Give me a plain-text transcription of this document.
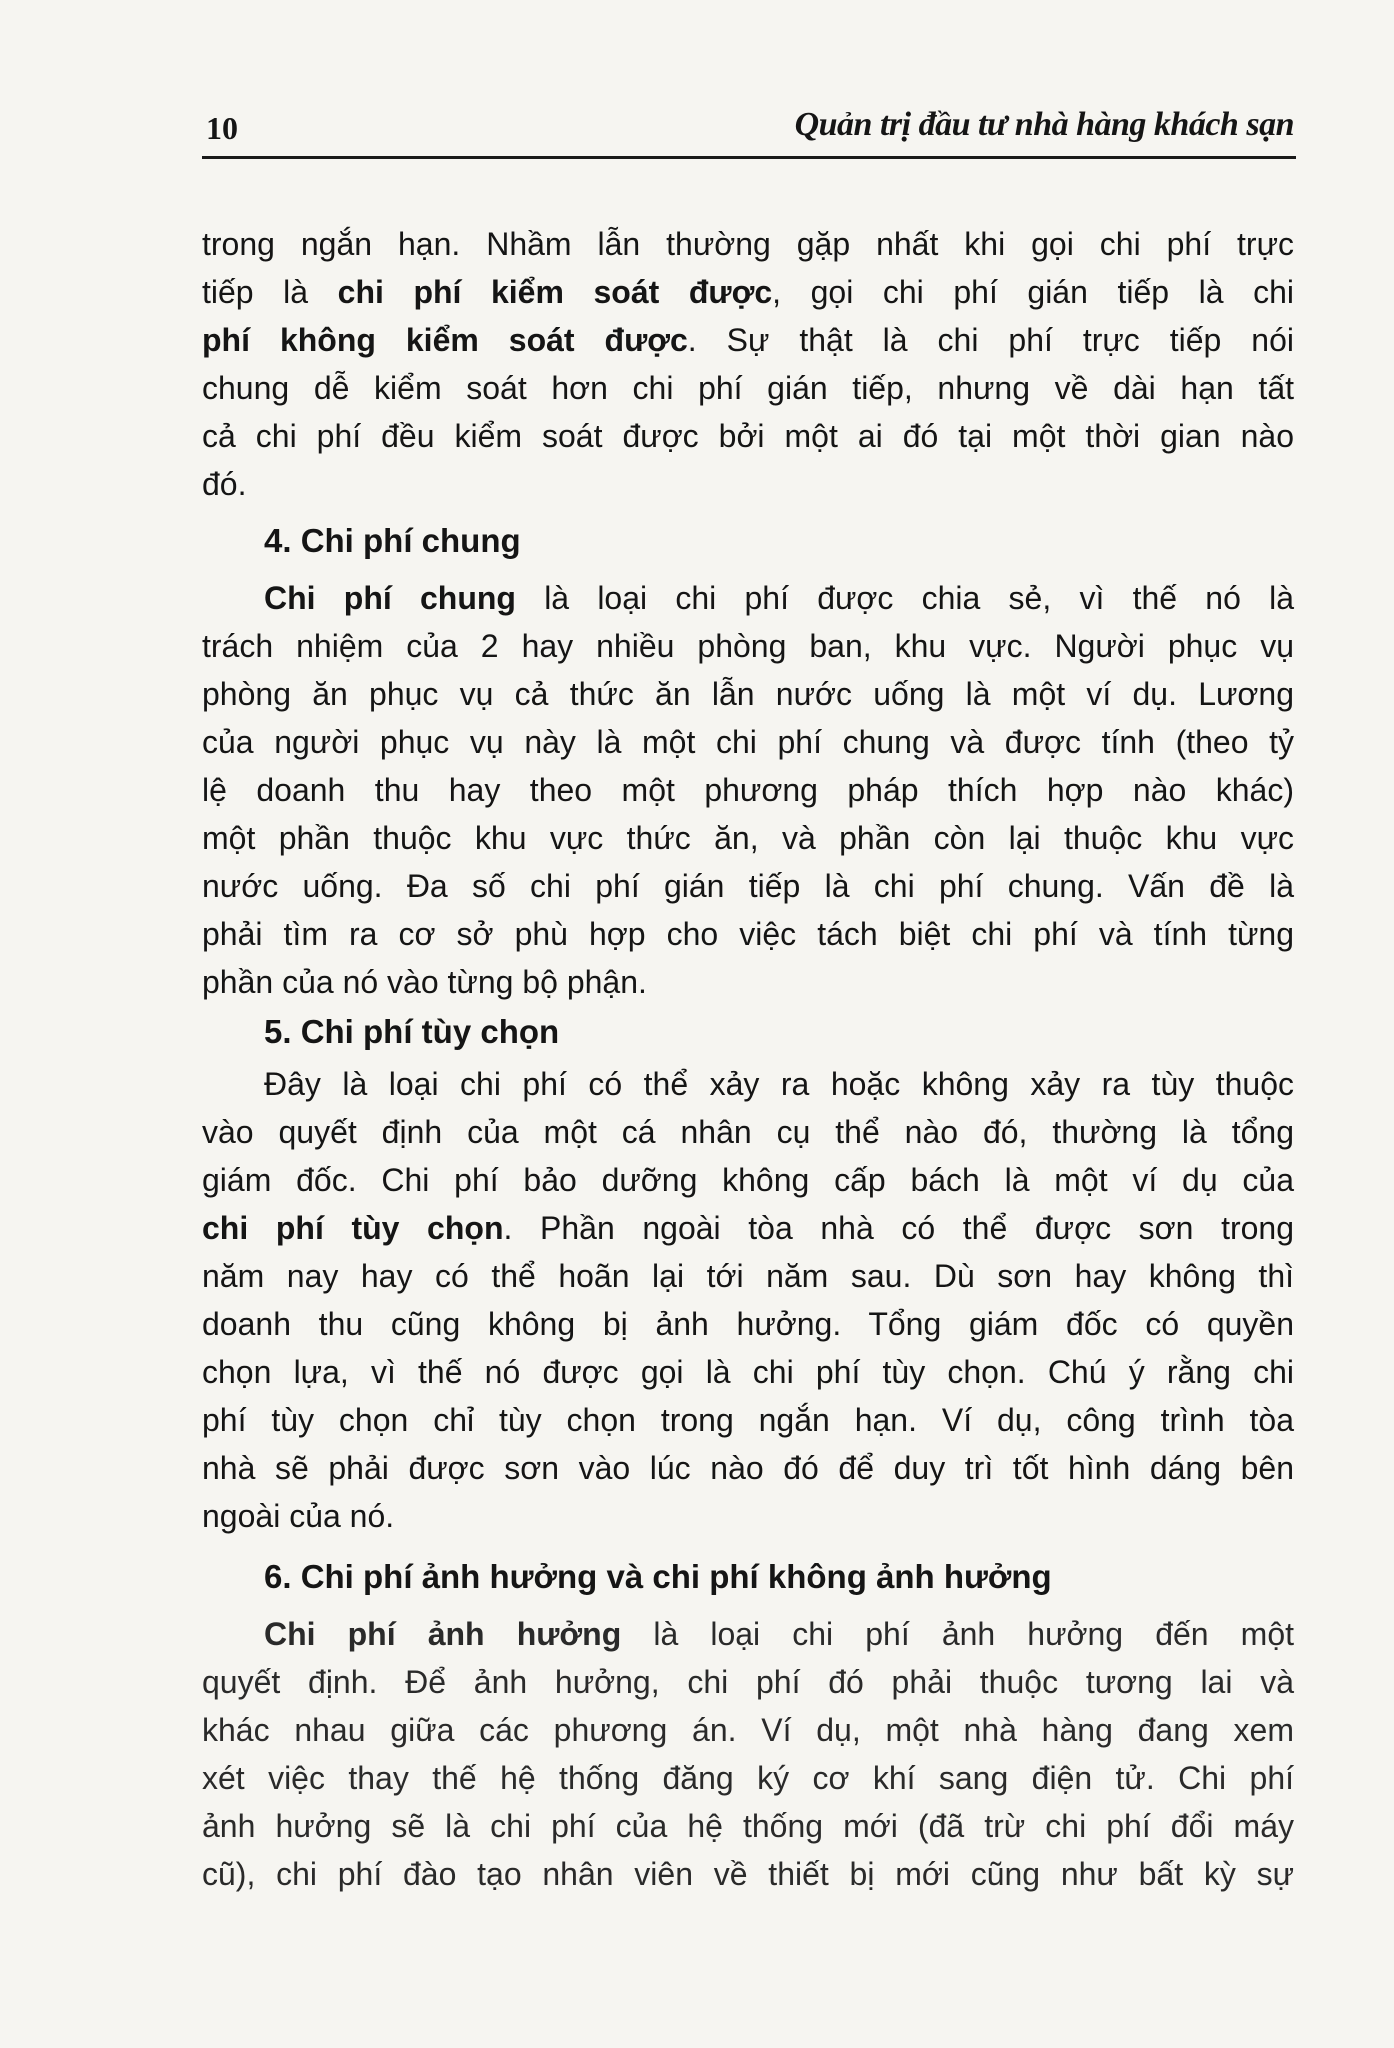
10	Quản trị đầu tư nhà hàng khách sạn
trong ngắn hạn. Nhầm lẫn thường gặp nhất khi gọi chi phí trực
tiếp là chi phí kiểm soát được, gọi chi phí gián tiếp là chi
phí không kiểm soát được. Sự thật là chi phí trực tiếp nói
chung dễ kiểm soát hơn chi phí gián tiếp, nhưng về dài hạn tất
cả chi phí đều kiểm soát được bởi một ai đó tại một thời gian nào
đó.
4. Chi phí chung
Chi phí chung là loại chi phí được chia sẻ, vì thế nó là
trách nhiệm của 2 hay nhiều phòng ban, khu vực. Người phục vụ
phòng ăn phục vụ cả thức ăn lẫn nước uống là một ví dụ. Lương
của người phục vụ này là một chi phí chung và được tính (theo tỷ
lệ doanh thu hay theo một phương pháp thích hợp nào khác)
một phần thuộc khu vực thức ăn, và phần còn lại thuộc khu vực
nước uống. Đa số chi phí gián tiếp là chi phí chung. Vấn đề là
phải tìm ra cơ sở phù hợp cho việc tách biệt chi phí và tính từng
phần của nó vào từng bộ phận.
5. Chi phí tùy chọn
Đây là loại chi phí có thể xảy ra hoặc không xảy ra tùy thuộc
vào quyết định của một cá nhân cụ thể nào đó, thường là tổng
giám đốc. Chi phí bảo dưỡng không cấp bách là một ví dụ của
chi phí tùy chọn. Phần ngoài tòa nhà có thể được sơn trong
năm nay hay có thể hoãn lại tới năm sau. Dù sơn hay không thì
doanh thu cũng không bị ảnh hưởng. Tổng giám đốc có quyền
chọn lựa, vì thế nó được gọi là chi phí tùy chọn. Chú ý rằng chi
phí tùy chọn chỉ tùy chọn trong ngắn hạn. Ví dụ, công trình tòa
nhà sẽ phải được sơn vào lúc nào đó để duy trì tốt hình dáng bên
ngoài của nó.
6. Chi phí ảnh hưởng và chi phí không ảnh hưởng
Chi phí ảnh hưởng là loại chi phí ảnh hưởng đến một
quyết định. Để ảnh hưởng, chi phí đó phải thuộc tương lai và
khác nhau giữa các phương án. Ví dụ, một nhà hàng đang xem
xét việc thay thế hệ thống đăng ký cơ khí sang điện tử. Chi phí
ảnh hưởng sẽ là chi phí của hệ thống mới (đã trừ chi phí đổi máy
cũ), chi phí đào tạo nhân viên về thiết bị mới cũng như bất kỳ sự
